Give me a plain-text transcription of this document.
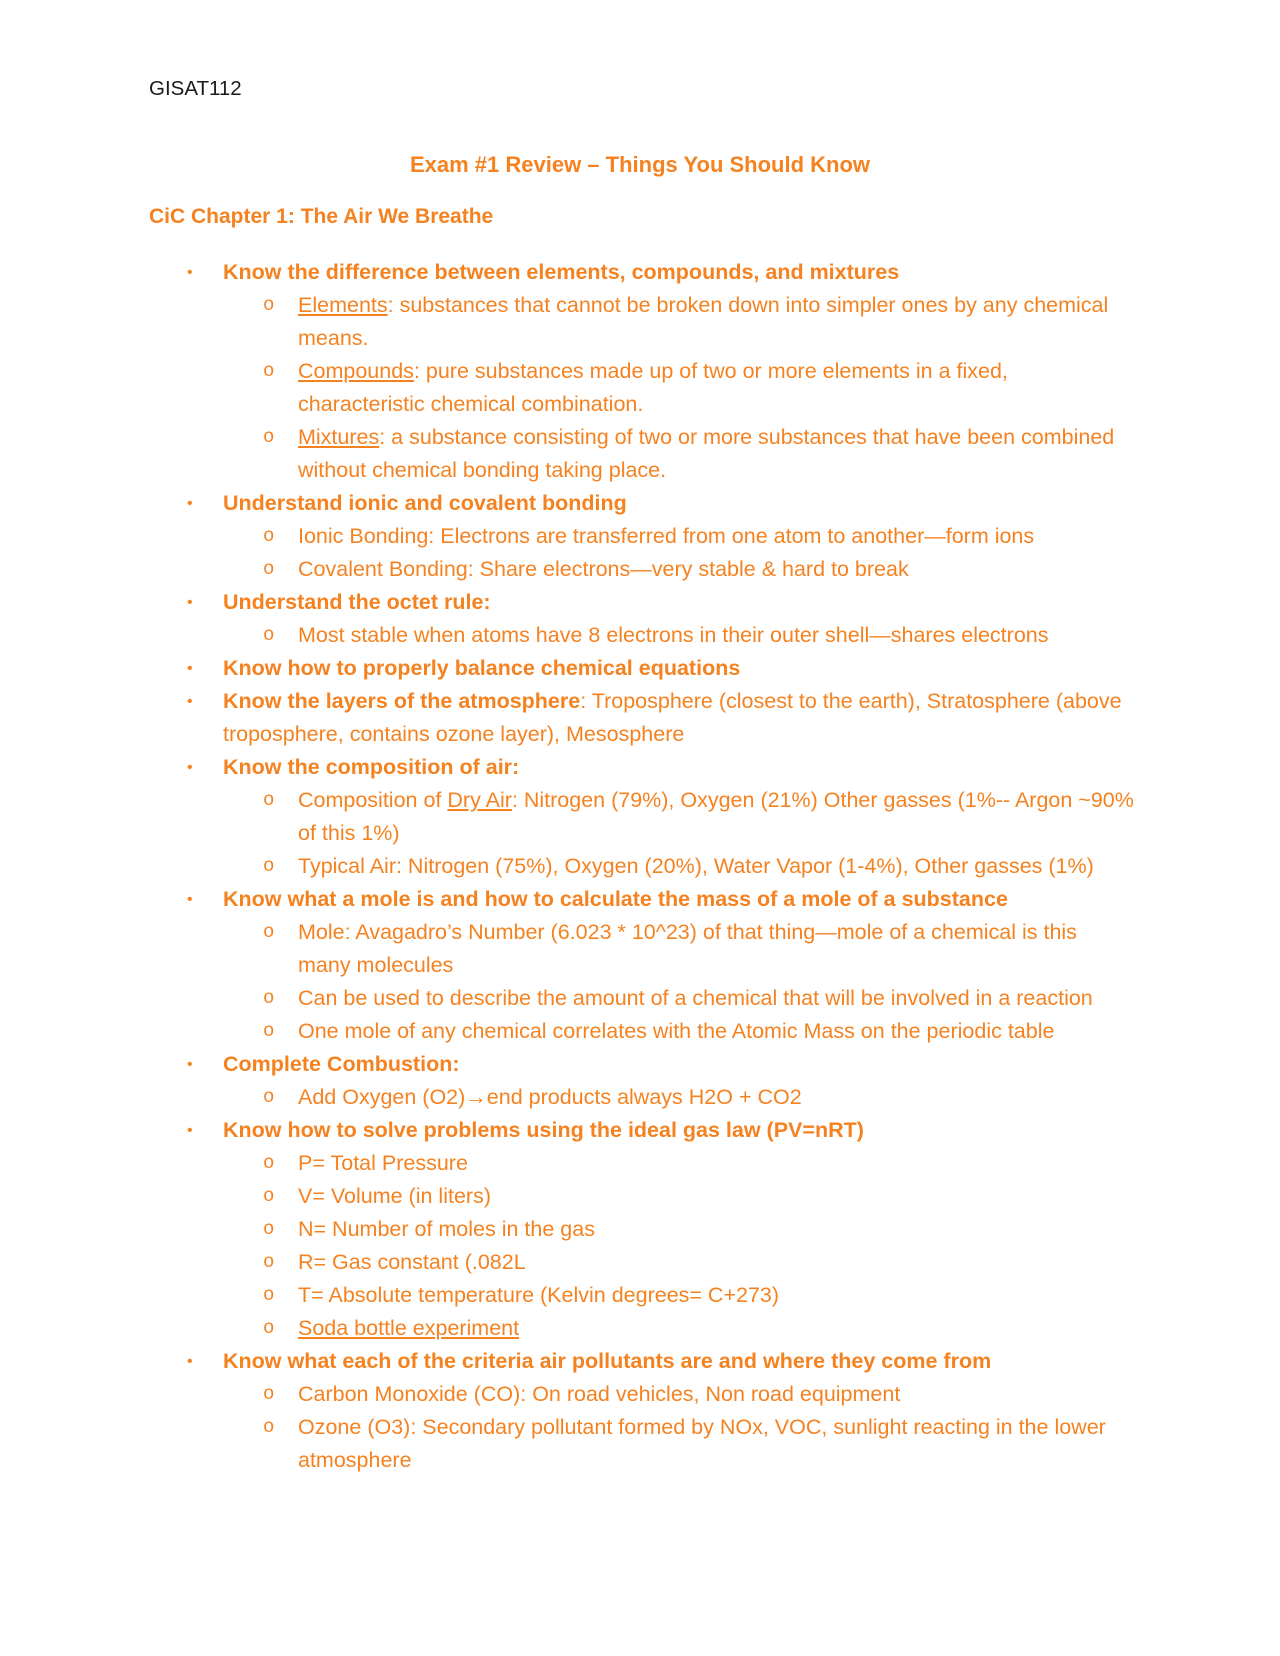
GISAT112
Exam #1 Review – Things You Should Know
CiC Chapter 1: The Air We Breathe
• Know the difference between elements, compounds, and mixtures
o Elements: substances that cannot be broken down into simpler ones by any chemical means.
o Compounds: pure substances made up of two or more elements in a fixed, characteristic chemical combination.
o Mixtures: a substance consisting of two or more substances that have been combined without chemical bonding taking place.
• Understand ionic and covalent bonding
o Ionic Bonding: Electrons are transferred from one atom to another—form ions
o Covalent Bonding: Share electrons—very stable & hard to break
• Understand the octet rule:
o Most stable when atoms have 8 electrons in their outer shell—shares electrons
• Know how to properly balance chemical equations
• Know the layers of the atmosphere: Troposphere (closest to the earth), Stratosphere (above troposphere, contains ozone layer), Mesosphere
• Know the composition of air:
o Composition of Dry Air: Nitrogen (79%), Oxygen (21%) Other gasses (1%-- Argon ~90% of this 1%)
o Typical Air: Nitrogen (75%), Oxygen (20%), Water Vapor (1-4%), Other gasses (1%)
• Know what a mole is and how to calculate the mass of a mole of a substance
o Mole: Avagadro’s Number (6.023 * 10^23) of that thing—mole of a chemical is this many molecules
o Can be used to describe the amount of a chemical that will be involved in a reaction
o One mole of any chemical correlates with the Atomic Mass on the periodic table
• Complete Combustion:
o Add Oxygen (O2)→end products always H2O + CO2
• Know how to solve problems using the ideal gas law (PV=nRT)
o P= Total Pressure
o V= Volume (in liters)
o N= Number of moles in the gas
o R= Gas constant (.082L
o T= Absolute temperature (Kelvin degrees= C+273)
o Soda bottle experiment
• Know what each of the criteria air pollutants are and where they come from
o Carbon Monoxide (CO): On road vehicles, Non road equipment
o Ozone (O3): Secondary pollutant formed by NOx, VOC, sunlight reacting in the lower atmosphere
